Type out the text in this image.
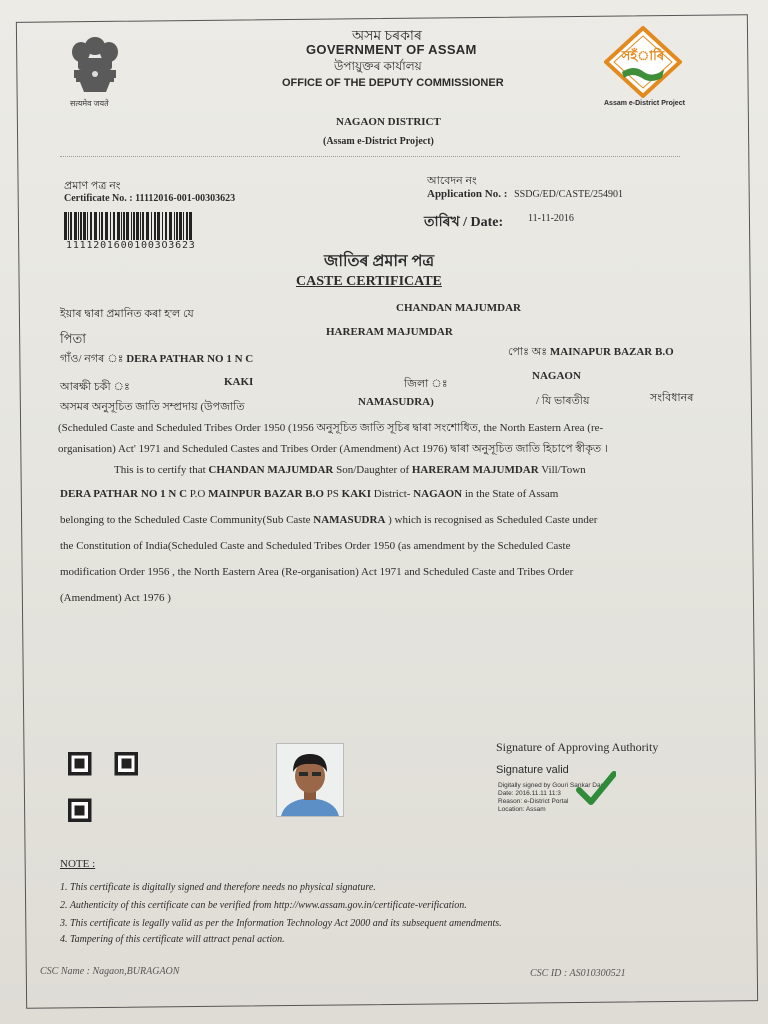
सत्यमेव जयते
অসম চৰকাৰ
GOVERNMENT OF ASSAM
উপায়ুক্তৰ কাৰ্যালয়
OFFICE OF THE DEPUTY COMMISSIONER
সহঁাৰি
Assam e-District Project
NAGAON DISTRICT
(Assam e-District Project)
প্ৰমাণ পত্ৰ নং
Certificate No. : 11112016-001-00303623
আবেদন নং
Application No. : SSDG/ED/CASTE/254901
তাৰিখ / Date: 11-11-2016
11112016001003O3623
জাতিৰ প্ৰমান পত্ৰ
CASTE CERTIFICATE
ইয়াৰ দ্বাৰা প্ৰমানিত কৰা হ'ল যে	CHANDAN MAJUMDAR
পিতা	HARERAM MAJUMDAR
গাঁও/ নগৰ ঃ DERA PATHAR NO 1 N C
পোঃ অঃ MAINAPUR BAZAR B.O
আৰক্ষী চকী ঃ	KAKI	জিলা ঃ
NAGAON
অসমৰ অনুসূচিত জাতি সম্প্ৰদায় (উপজাতি	NAMASUDRA)	/ যি ভাৰতীয়	সংবিধানৰ
(Scheduled Caste and Scheduled Tribes Order 1950 (1956 অনুসূচিত জাতি সূচিৰ দ্বাৰা সংশোধিত, the North Eastern Area (re-
organisation) Act' 1971 and Scheduled Castes and Tribes Order (Amendment) Act 1976) দ্বাৰা অনুসূচিত জাতি হিচাপে স্বীকৃত ।
This is to certify that CHANDAN MAJUMDAR Son/Daughter of HARERAM MAJUMDAR Vill/Town
DERA PATHAR NO 1 N C P.O MAINPUR BAZAR B.O PS KAKI District- NAGAON in the State of Assam
belonging to the Scheduled Caste Community(Sub Caste NAMASUDRA ) which is recognised as Scheduled Caste under
the Constitution of India(Scheduled Caste and Scheduled Tribes Order 1950 (as amendment by the Scheduled Caste
modification Order 1956 , the North Eastern Area (Re-organisation) Act 1971 and Scheduled Caste and Tribes Order
(Amendment) Act 1976 )
Signature of Approving Authority
Signature valid
Digitally signed by Gouri Sankar Das
Date: 2016.11.11 11:3
Reason: e-District Portal
Location: Assam
NOTE :
1. This certificate is digitally signed and therefore needs no physical signature.
2. Authenticity of this certificate can be verified from http://www.assam.gov.in/certificate-verification.
3. This certificate is legally valid as per the Information Technology Act 2000 and its subsequent amendments.
4. Tampering of this certificate will attract penal action.
CSC Name : Nagaon,BURAGAON	CSC ID : AS010300521
